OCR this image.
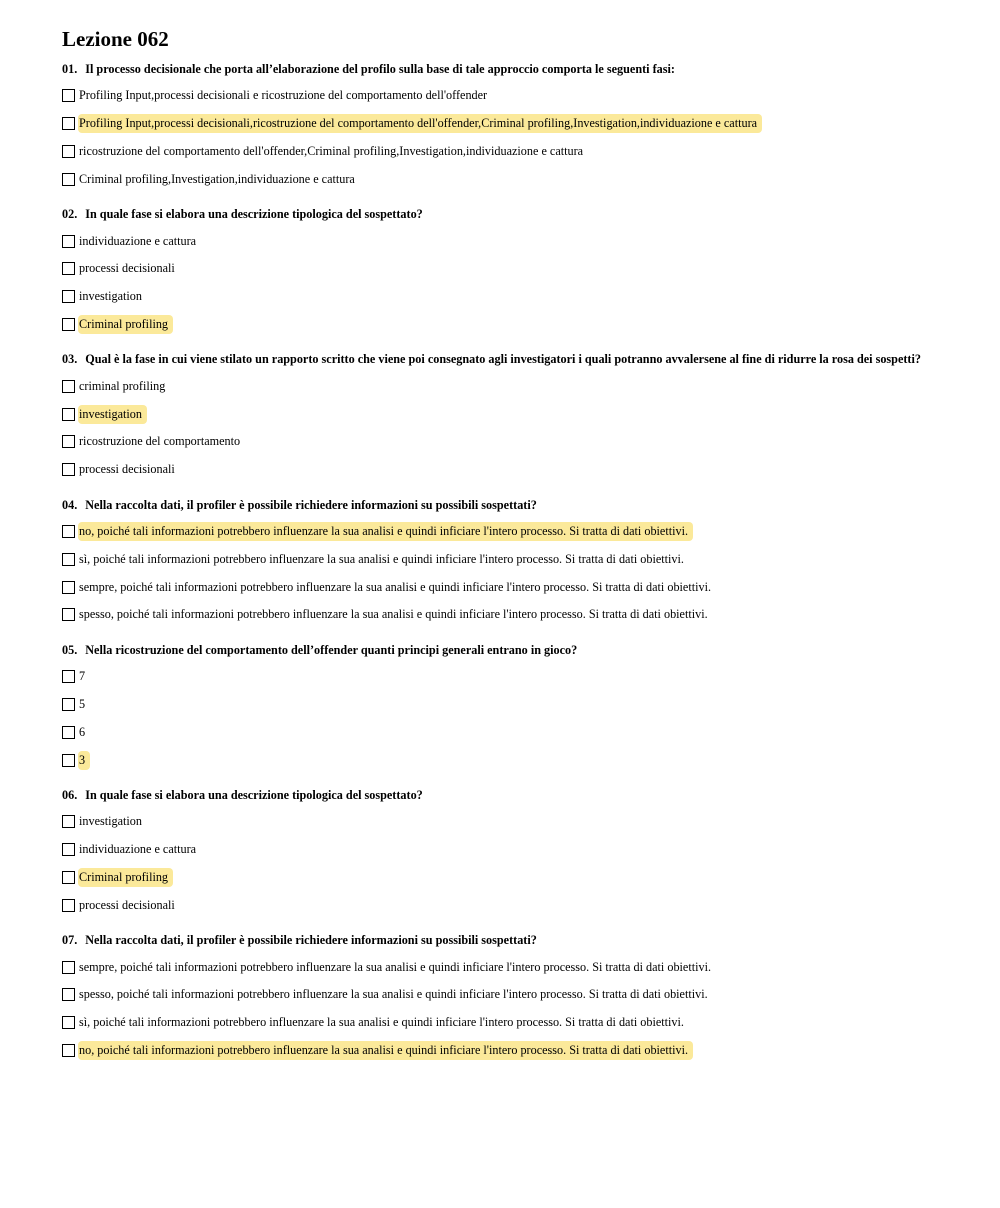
Lezione 062

01. Il processo decisionale che porta all’elaborazione del profilo sulla base di tale approccio comporta le seguenti fasi:

Profiling Input,processi decisionali e ricostruzione del comportamento dell'offender
Profiling Input,processi decisionali,ricostruzione del comportamento dell'offender,Criminal profiling,Investigation,individuazione e cattura
ricostruzione del comportamento dell'offender,Criminal profiling,Investigation,individuazione e cattura
Criminal profiling,Investigation,individuazione e cattura

02. In quale fase si elabora una descrizione tipologica del sospettato?

individuazione e cattura
processi decisionali
investigation
Criminal profiling

03. Qual è la fase in cui viene stilato un rapporto scritto che viene poi consegnato agli investigatori i quali potranno avvalersene al fine di ridurre la rosa dei sospetti?

criminal profiling
investigation
ricostruzione del comportamento
processi decisionali

04. Nella raccolta dati, il profiler è possibile richiedere informazioni su possibili sospettati?

no, poiché tali informazioni potrebbero influenzare la sua analisi e quindi inficiare l'intero processo. Si tratta di dati obiettivi.
sì, poiché tali informazioni potrebbero influenzare la sua analisi e quindi inficiare l'intero processo. Si tratta di dati obiettivi.
sempre, poiché tali informazioni potrebbero influenzare la sua analisi e quindi inficiare l'intero processo. Si tratta di dati obiettivi.
spesso, poiché tali informazioni potrebbero influenzare la sua analisi e quindi inficiare l'intero processo. Si tratta di dati obiettivi.

05. Nella ricostruzione del comportamento dell’offender quanti principi generali entrano in gioco?

7
5
6
3

06. In quale fase si elabora una descrizione tipologica del sospettato?

investigation
individuazione e cattura
Criminal profiling
processi decisionali

07. Nella raccolta dati, il profiler è possibile richiedere informazioni su possibili sospettati?

sempre, poiché tali informazioni potrebbero influenzare la sua analisi e quindi inficiare l'intero processo. Si tratta di dati obiettivi.
spesso, poiché tali informazioni potrebbero influenzare la sua analisi e quindi inficiare l'intero processo. Si tratta di dati obiettivi.
sì, poiché tali informazioni potrebbero influenzare la sua analisi e quindi inficiare l'intero processo. Si tratta di dati obiettivi.
no, poiché tali informazioni potrebbero influenzare la sua analisi e quindi inficiare l'intero processo. Si tratta di dati obiettivi.
